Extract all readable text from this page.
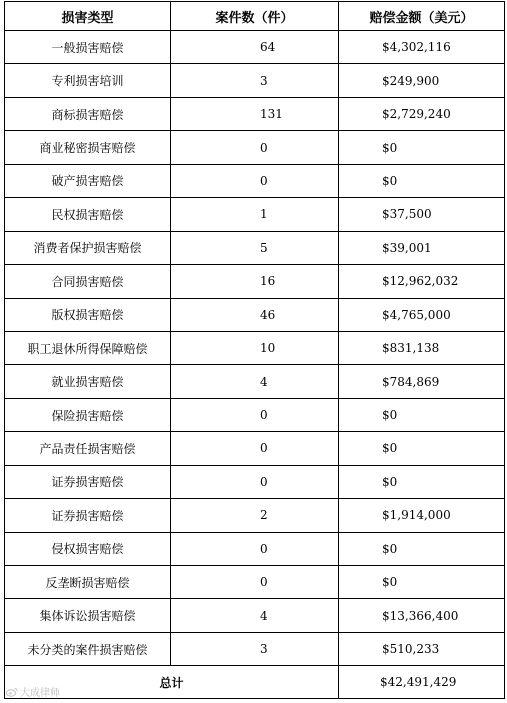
损害类型	案件数（件）	赔偿金额（美元）
一般损害赔偿	64	$4,302,116
专利损害培训	3	$249,900
商标损害赔偿	131	$2,729,240
商业秘密损害赔偿	0	$0
破产损害赔偿	0	$0
民权损害赔偿	1	$37,500
消费者保护损害赔偿	5	$39,001
合同损害赔偿	16	$12,962,032
版权损害赔偿	46	$4,765,000
职工退休所得保障赔偿	10	$831,138
就业损害赔偿	4	$784,869
保险损害赔偿	0	$0
产品责任损害赔偿	0	$0
证券损害赔偿	0	$0
证券损害赔偿	2	$1,914,000
侵权损害赔偿	0	$0
反垄断损害赔偿	0	$0
集体诉讼损害赔偿	4	$13,366,400
未分类的案件损害赔偿	3	$510,233
总计		$42,491,429
大成律师
